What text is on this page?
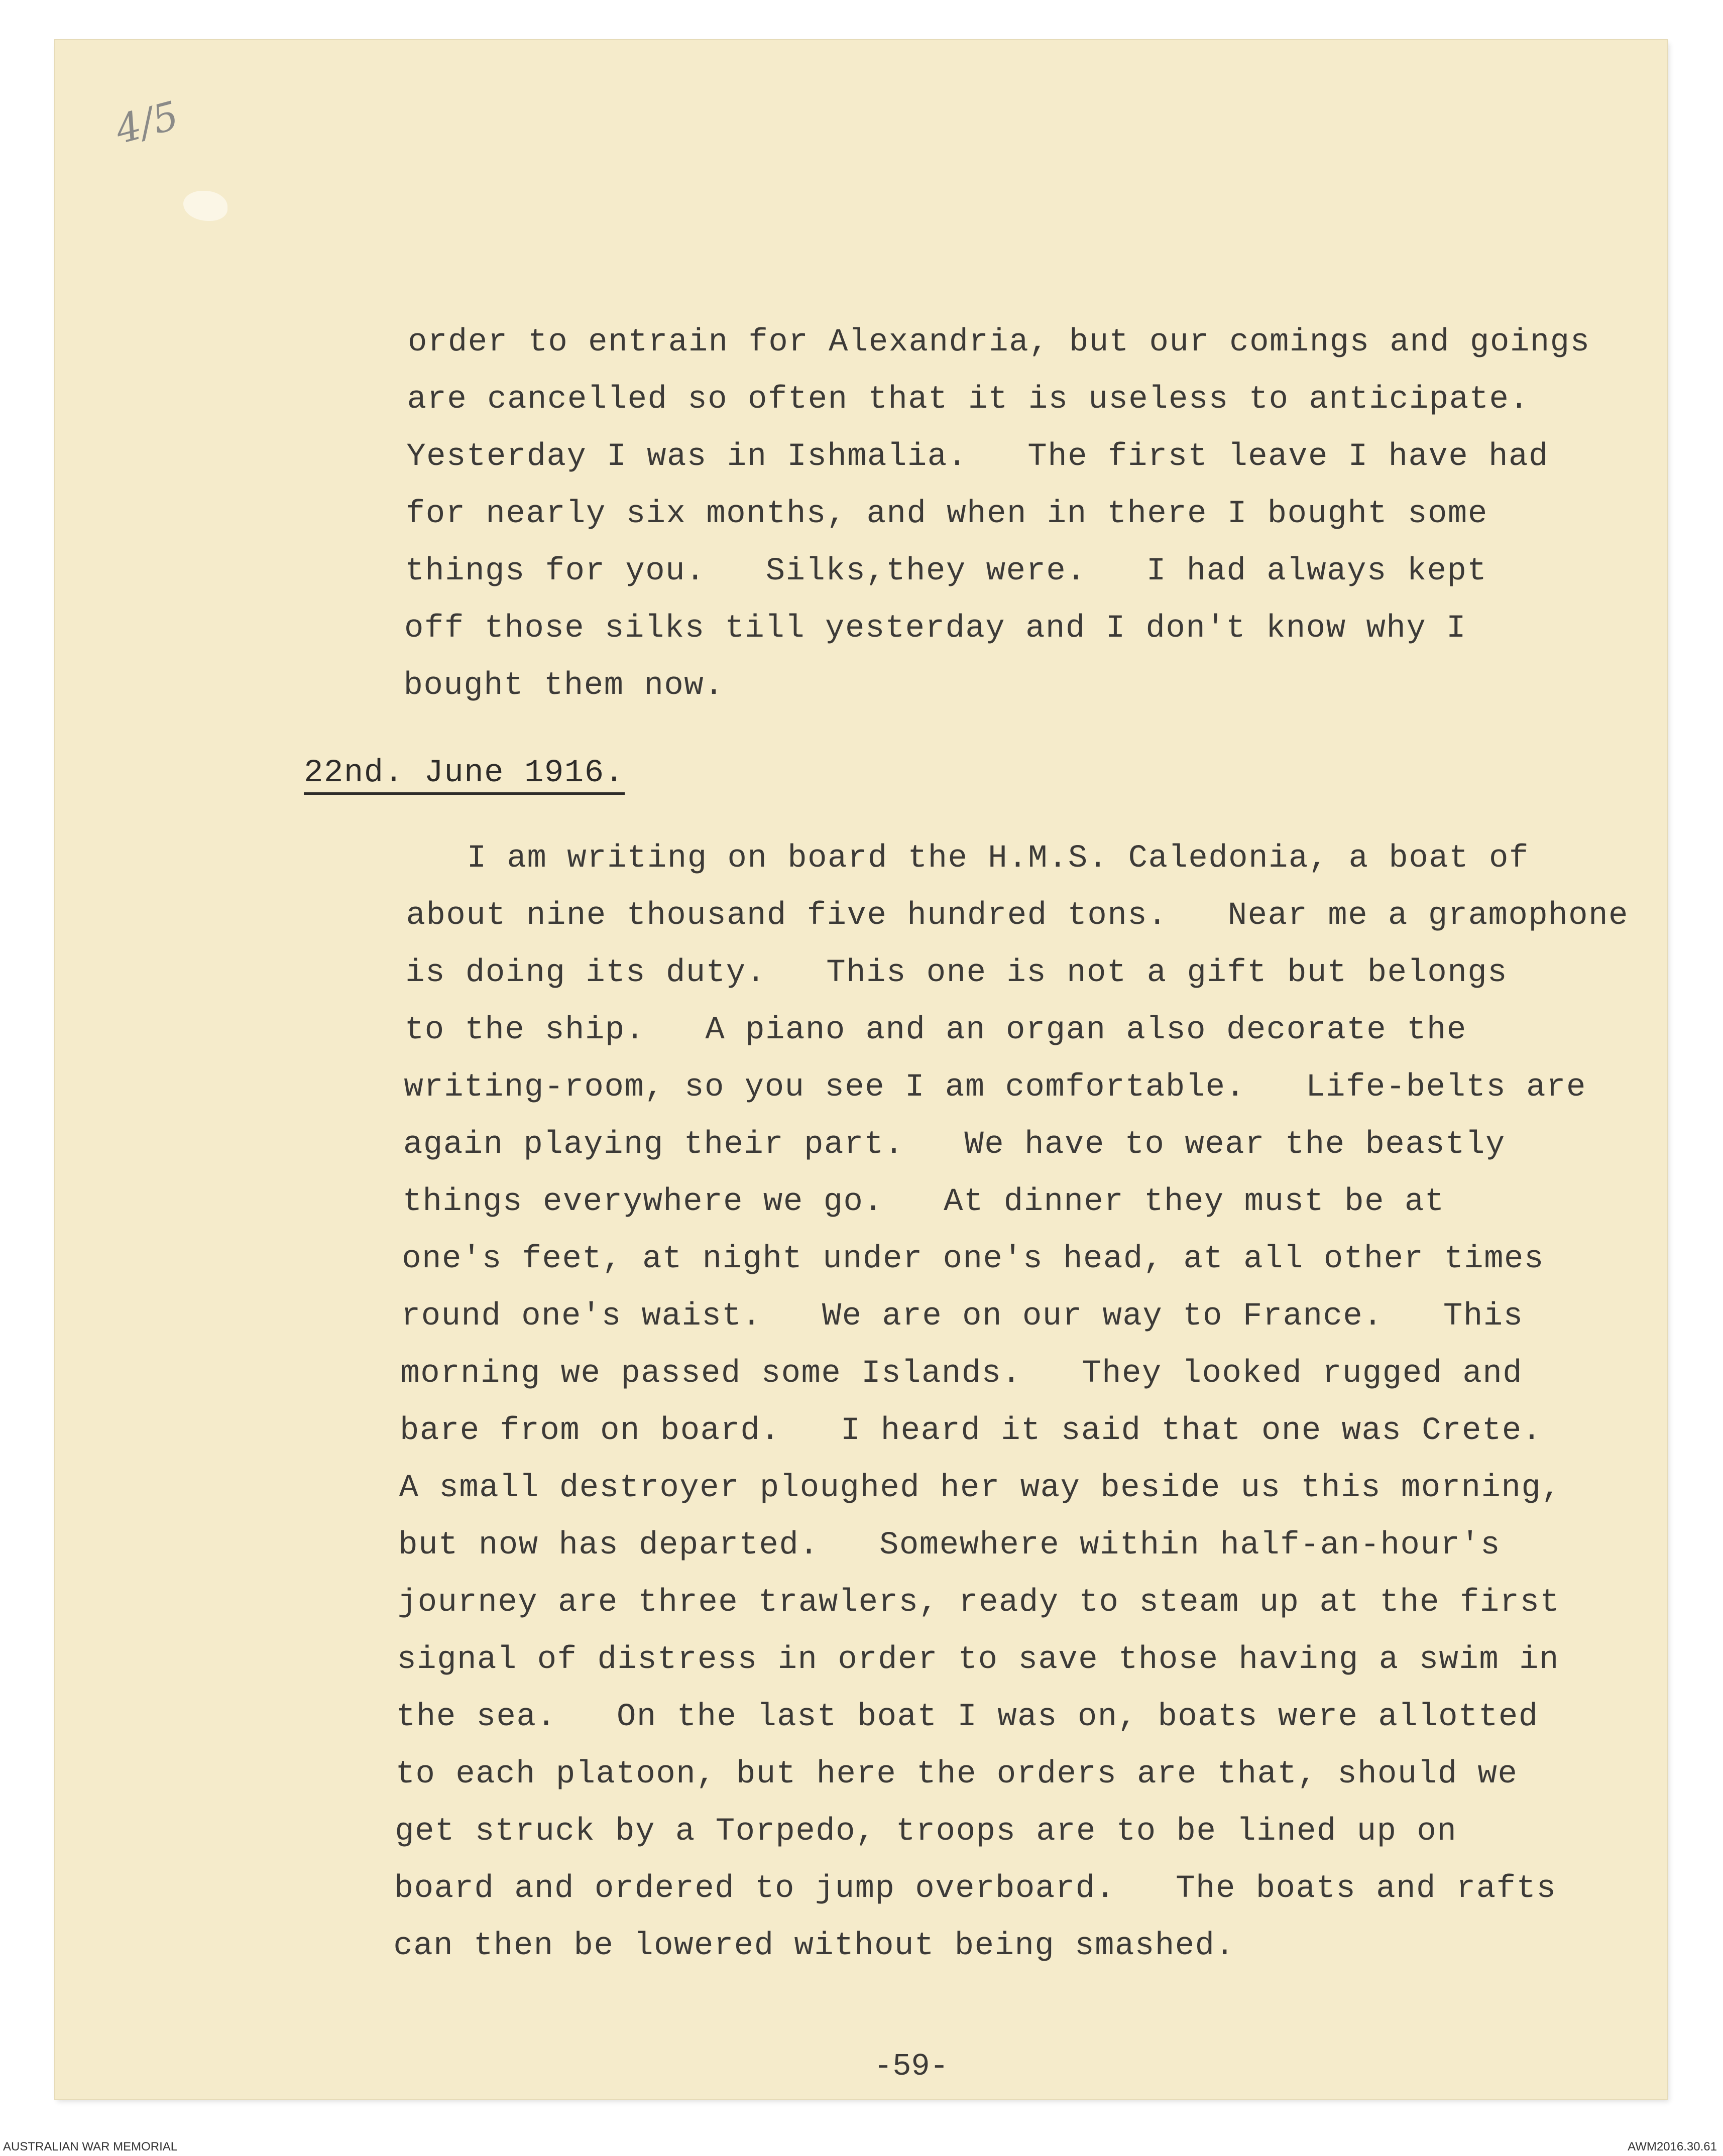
4/5
order to entrain for Alexandria, but our comings and goings
are cancelled so often that it is useless to anticipate.
Yesterday I was in Ishmalia.   The first leave I have had
for nearly six months, and when in there I bought some
things for you.   Silks,they were.   I had always kept
off those silks till yesterday and I don't know why I
bought them now.
22nd. June 1916.
I am writing on board the H.M.S. Caledonia, a boat of
about nine thousand five hundred tons.   Near me a gramophone
is doing its duty.   This one is not a gift but belongs
to the ship.   A piano and an organ also decorate the
writing-room, so you see I am comfortable.   Life-belts are
again playing their part.   We have to wear the beastly
things everywhere we go.   At dinner they must be at
one's feet, at night under one's head, at all other times
round one's waist.   We are on our way to France.   This
morning we passed some Islands.   They looked rugged and
bare from on board.   I heard it said that one was Crete.
A small destroyer ploughed her way beside us this morning,
but now has departed.   Somewhere within half-an-hour's
journey are three trawlers, ready to steam up at the first
signal of distress in order to save those having a swim in
the sea.   On the last boat I was on, boats were allotted
to each platoon, but here the orders are that, should we
get struck by a Torpedo, troops are to be lined up on
board and ordered to jump overboard.   The boats and rafts
can then be lowered without being smashed.
-59-
AUSTRALIAN WAR MEMORIAL	AWM2016.30.61
